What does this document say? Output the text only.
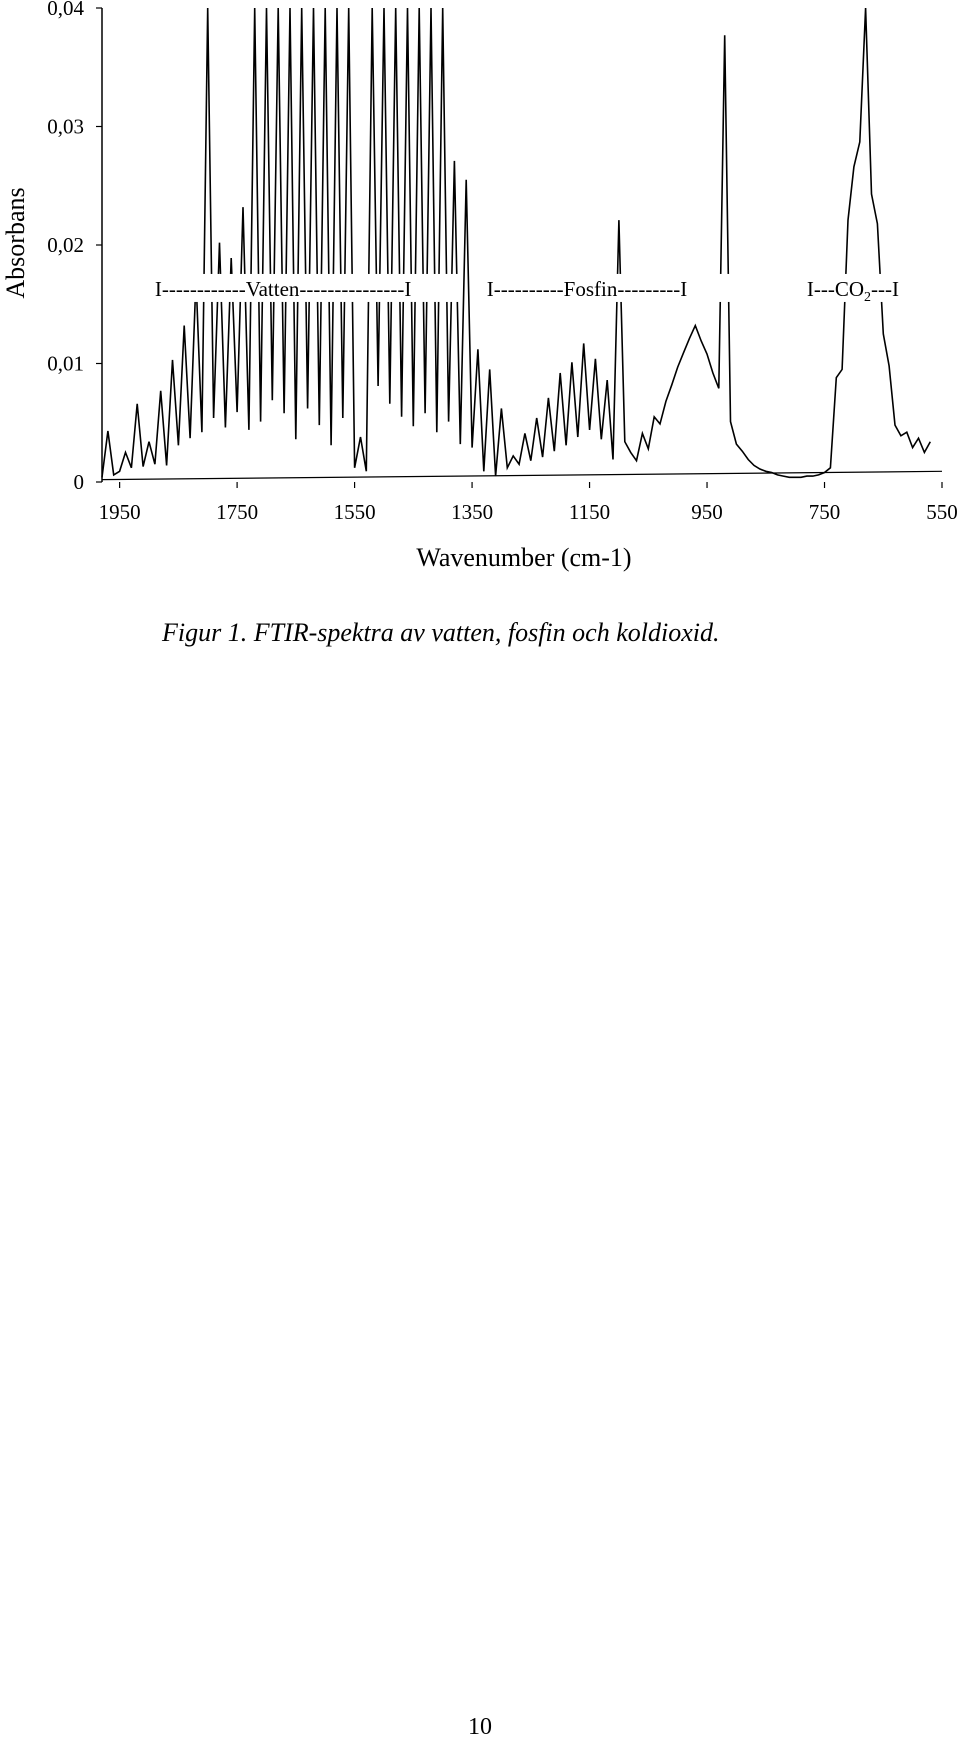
0
0,01
0,02
0,03
0,04
1950	1750	1550	1350	1150	950	750	550
I------------Vatten---------------I	I----------Fosfin---------I	$I---CO_2---I$
Absorbans
Wavenumber (cm-1)
Figur 1. FTIR-spektra av vatten, fosfin och koldioxid.
10
